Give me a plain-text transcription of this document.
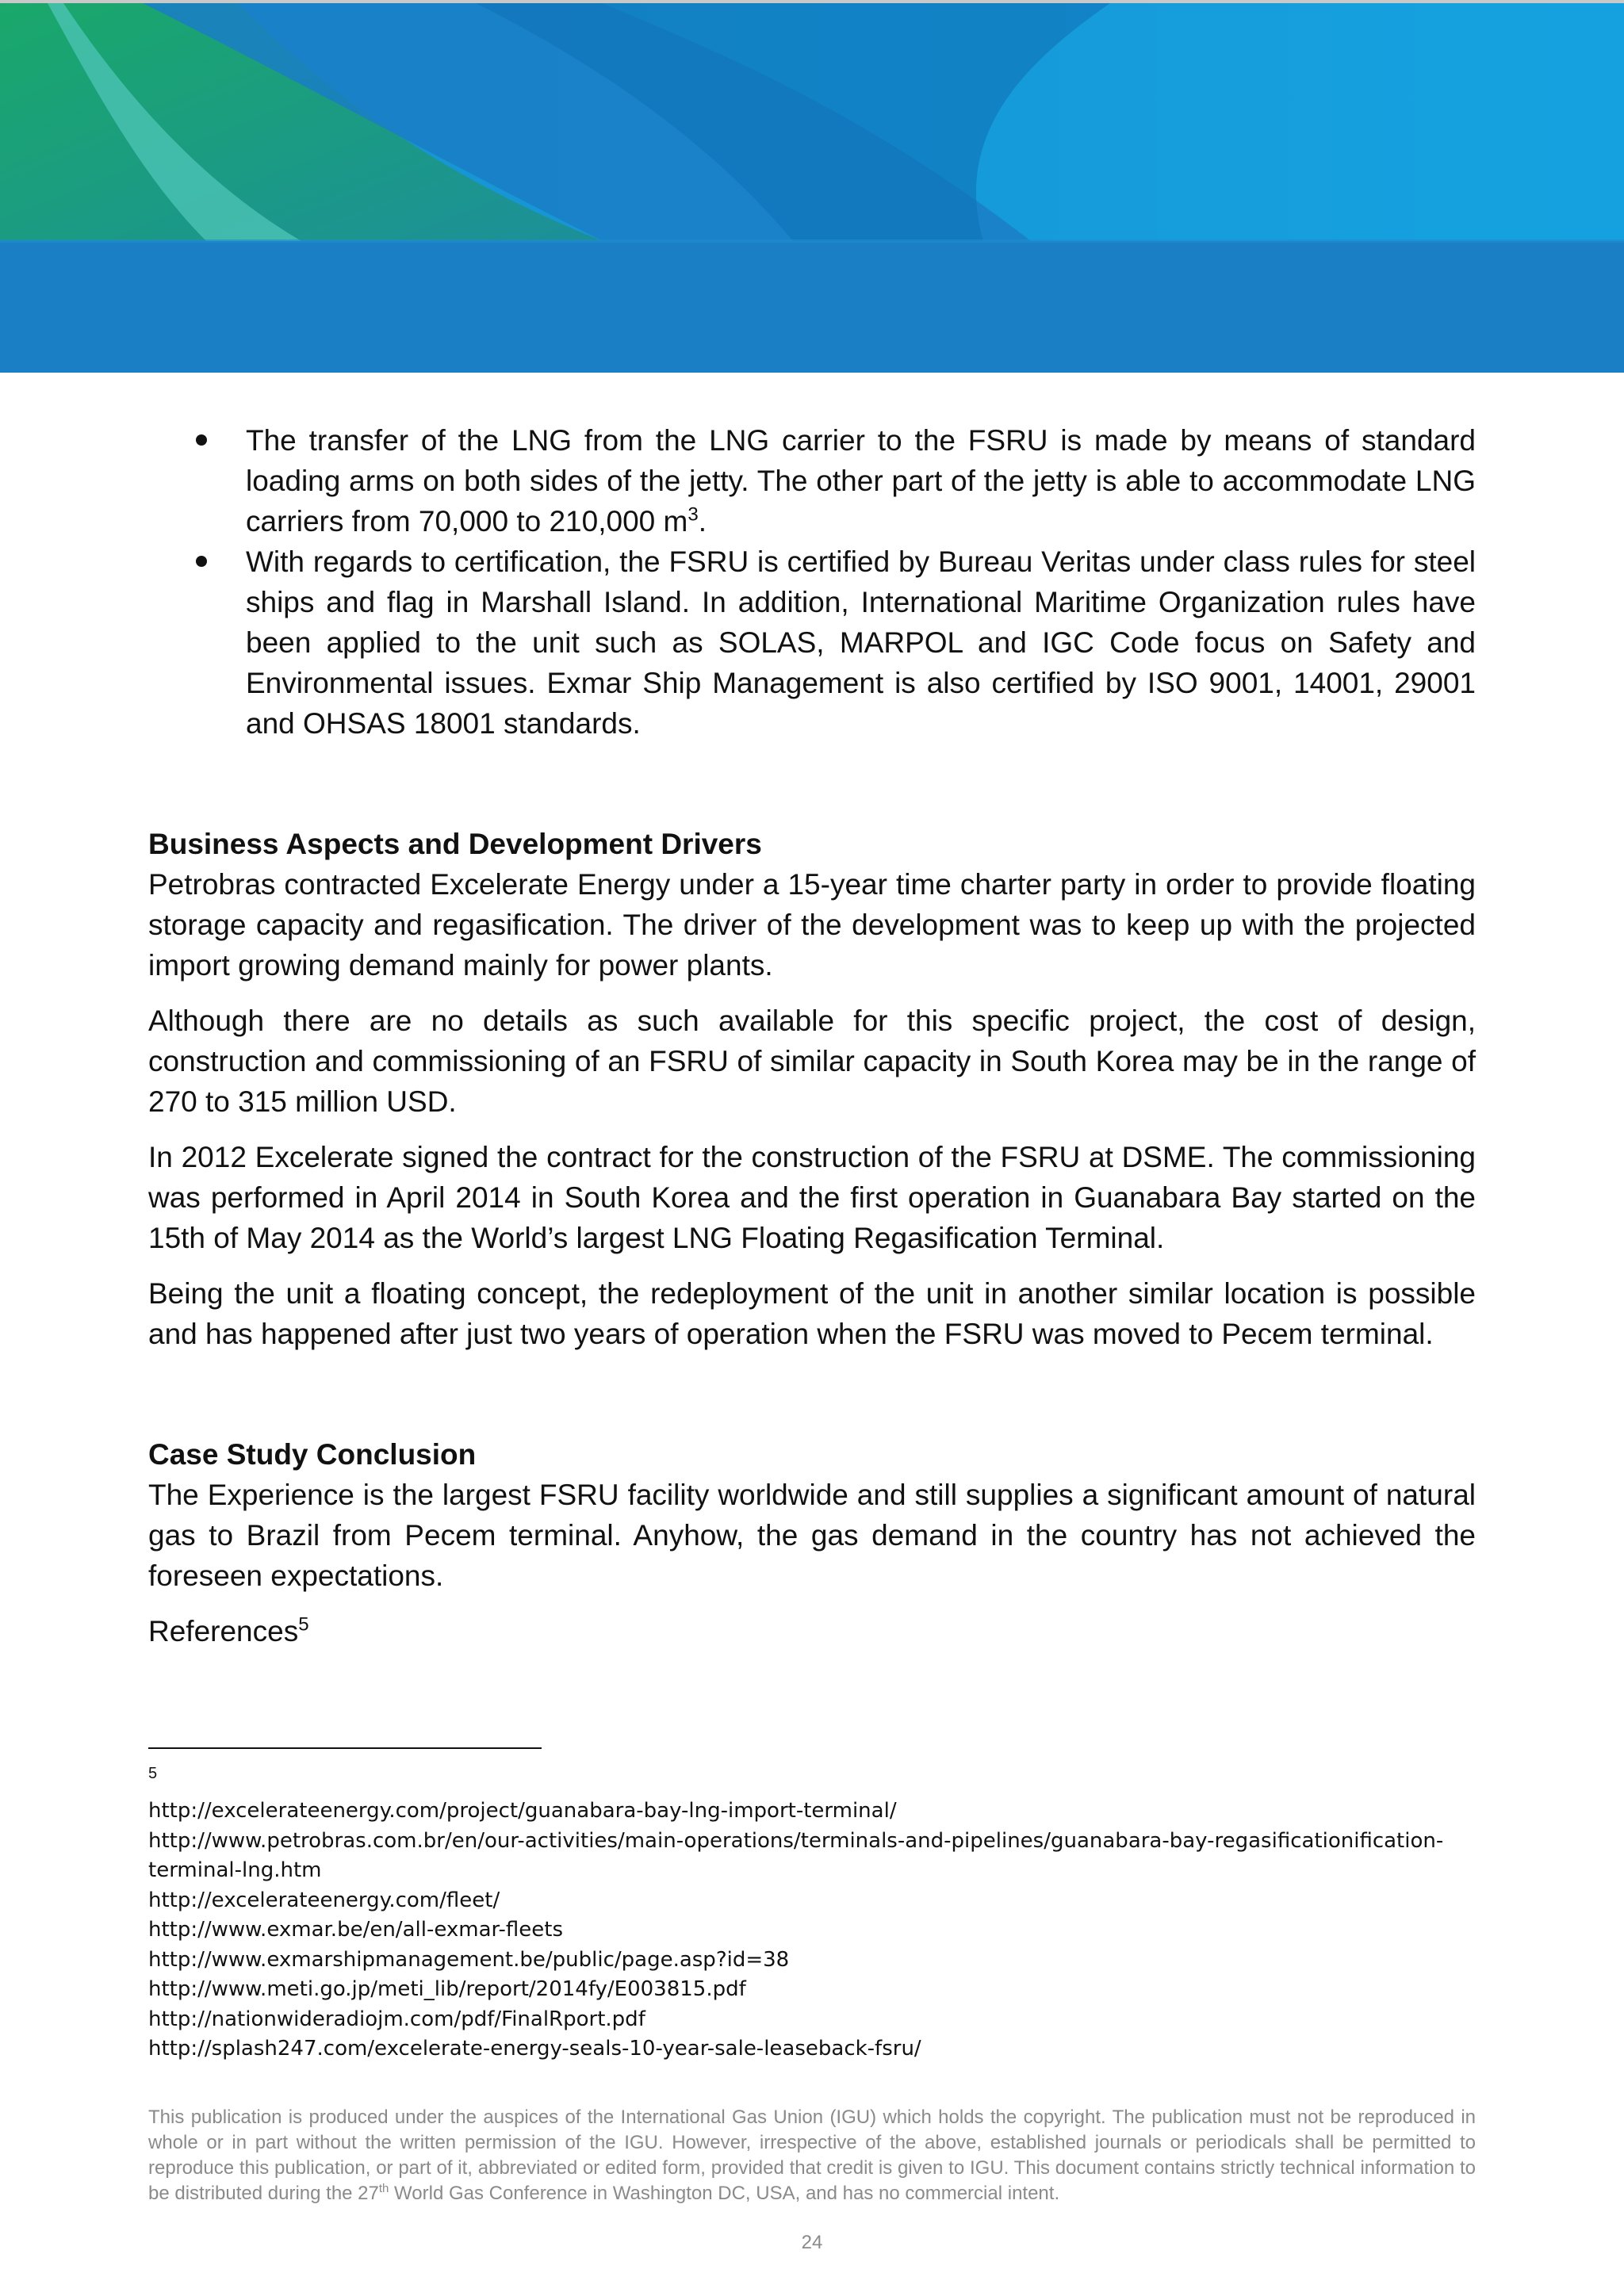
The transfer of the LNG from the LNG carrier to the FSRU is made by means of standard loading arms on both sides of the jetty. The other part of the jetty is able to accommodate LNG carriers from 70,000 to 210,000 $m^3$.
With regards to certification, the FSRU is certified by Bureau Veritas under class rules for steel ships and flag in Marshall Island. In addition, International Maritime Organization rules have been applied to the unit such as SOLAS, MARPOL and IGC Code focus on Safety and Environmental issues. Exmar Ship Management is also certified by ISO 9001, 14001, 29001 and OHSAS 18001 standards.
Business Aspects and Development Drivers

Petrobras contracted Excelerate Energy under a 15-year time charter party in order to provide floating storage capacity and regasification. The driver of the development was to keep up with the projected import growing demand mainly for power plants.

Although there are no details as such available for this specific project, the cost of design, construction and commissioning of an FSRU of similar capacity in South Korea may be in the range of 270 to 315 million USD.

In 2012 Excelerate signed the contract for the construction of the FSRU at DSME. The commissioning was performed in April 2014 in South Korea and the first operation in Guanabara Bay started on the 15th of May 2014 as the World’s largest LNG Floating Regasification Terminal.

Being the unit a floating concept, the redeployment of the unit in another similar location is possible and has happened after just two years of operation when the FSRU was moved to Pecem terminal.

Case Study Conclusion

The Experience is the largest FSRU facility worldwide and still supplies a significant amount of natural gas to Brazil from Pecem terminal. Anyhow, the gas demand in the country has not achieved the foreseen expectations.

References$^5$

5
http://excelerateenergy.com/project/guanabara-bay-lng-import-terminal/
http://www.petrobras.com.br/en/our-activities/main-operations/terminals-and-pipelines/guanabara-bay-regasificationification-
terminal-lng.htm
http://excelerateenergy.com/fleet/
http://www.exmar.be/en/all-exmar-fleets
http://www.exmarshipmanagement.be/public/page.asp?id=38
http://www.meti.go.jp/meti_lib/report/2014fy/E003815.pdf
http://nationwideradiojm.com/pdf/FinalRport.pdf
http://splash247.com/excelerate-energy-seals-10-year-sale-leaseback-fsru/
This publication is produced under the auspices of the International Gas Union (IGU) which holds the copyright. The publication must not be reproduced in whole or in part without the written permission of the IGU. However, irrespective of the above, established journals or periodicals shall be permitted to reproduce this publication, or part of it, abbreviated or edited form, provided that credit is given to IGU. This document contains strictly technical information to be distributed during the 27th World Gas Conference in Washington DC, USA, and has no commercial intent.
24
